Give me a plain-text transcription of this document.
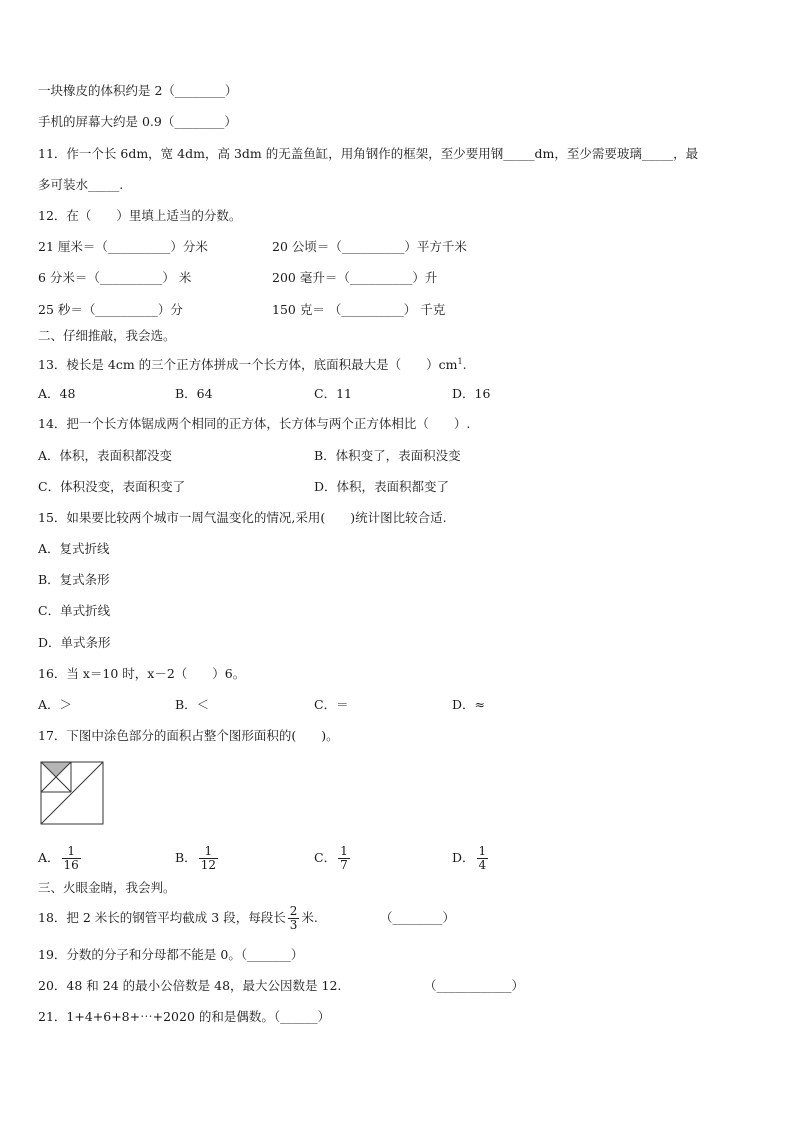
一块橡皮的体积约是 2（________）
手机的屏幕大约是 0.9（________）
11．作一个长 6dm，宽 4dm，高 3dm 的无盖鱼缸，用角钢作的框架，至少要用钢_____dm，至少需要玻璃_____，最
多可装水_____.
12．在（　　）里填上适当的分数。
21 厘米＝（__________）分米	20 公顷＝（__________）平方千米
6 分米＝（__________） 米	200 毫升＝（__________）升
25 秒＝（__________）分	150 克＝ （__________） 千克
二、仔细推敲，我会选。
13．棱长是 4cm 的三个正方体拼成一个长方体，底面积最大是（　　）$cm^1$.
A．48	B．64	C．11	D．16
14．把一个长方体锯成两个相同的正方体，长方体与两个正方体相比（　　）.
A．体积，表面积都没变	B．体积变了，表面积没变
C．体积没变，表面积变了	D．体积，表面积都变了
15．如果要比较两个城市一周气温变化的情况,采用(　　)统计图比较合适.
A．复式折线
B．复式条形
C．单式折线
D．单式条形
16．当 x＝10 时，x－2（　　）6。
A．＞	B．＜	C．＝	D．≈
17．下图中涂色部分的面积占整个图形面积的(　　)。
A． $\frac{1}{16}$	B． $\frac{1}{12}$	C． $\frac{1}{7}$	D． $\frac{1}{4}$
三、火眼金睛，我会判。
18．把 2 米长的钢管平均截成 3 段，每段长 $\frac{2}{3}$ 米.	（________）
19．分数的分子和分母都不能是 0。（_______）
20．48 和 24 的最小公倍数是 48，最大公因数是 12.	（____________）
21．1+4+6+8+⋯+2020 的和是偶数。（______）
